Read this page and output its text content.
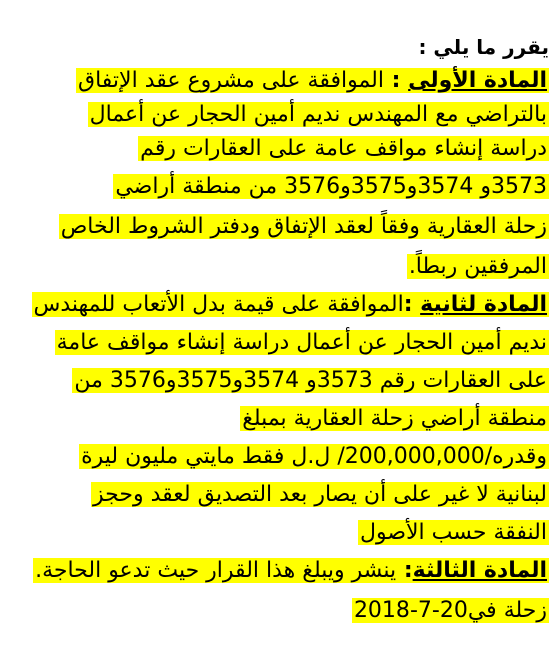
يقرر ما يلي :
المادة الأولى : الموافقة على مشروع عقد الإتفاق
بالتراضي مع المهندس نديم أمين الحجار عن أعمال
دراسة إنشاء مواقف عامة على العقارات رقم
3573و 3574و3575و3576 من منطقة أراضي
زحلة العقارية وفقاً لعقد الإتفاق ودفتر الشروط الخاص
المرفقين ربطاً.
المادة لثانية :الموافقة على قيمة بدل الأتعاب للمهندس
نديم أمين الحجار عن أعمال دراسة إنشاء مواقف عامة
على العقارات رقم 3573و 3574و3575و3576 من
منطقة أراضي زحلة العقارية بمبلغ
وقدره/200,000,000/ ل.ل فقط مايتي مليون ليرة
لبنانية لا غير على أن يصار بعد التصديق لعقد وحجز
النفقة حسب الأصول
المادة الثالثة: ينشر ويبلغ هذا القرار حيث تدعو الحاجة.
زحلة في20-7-2018
